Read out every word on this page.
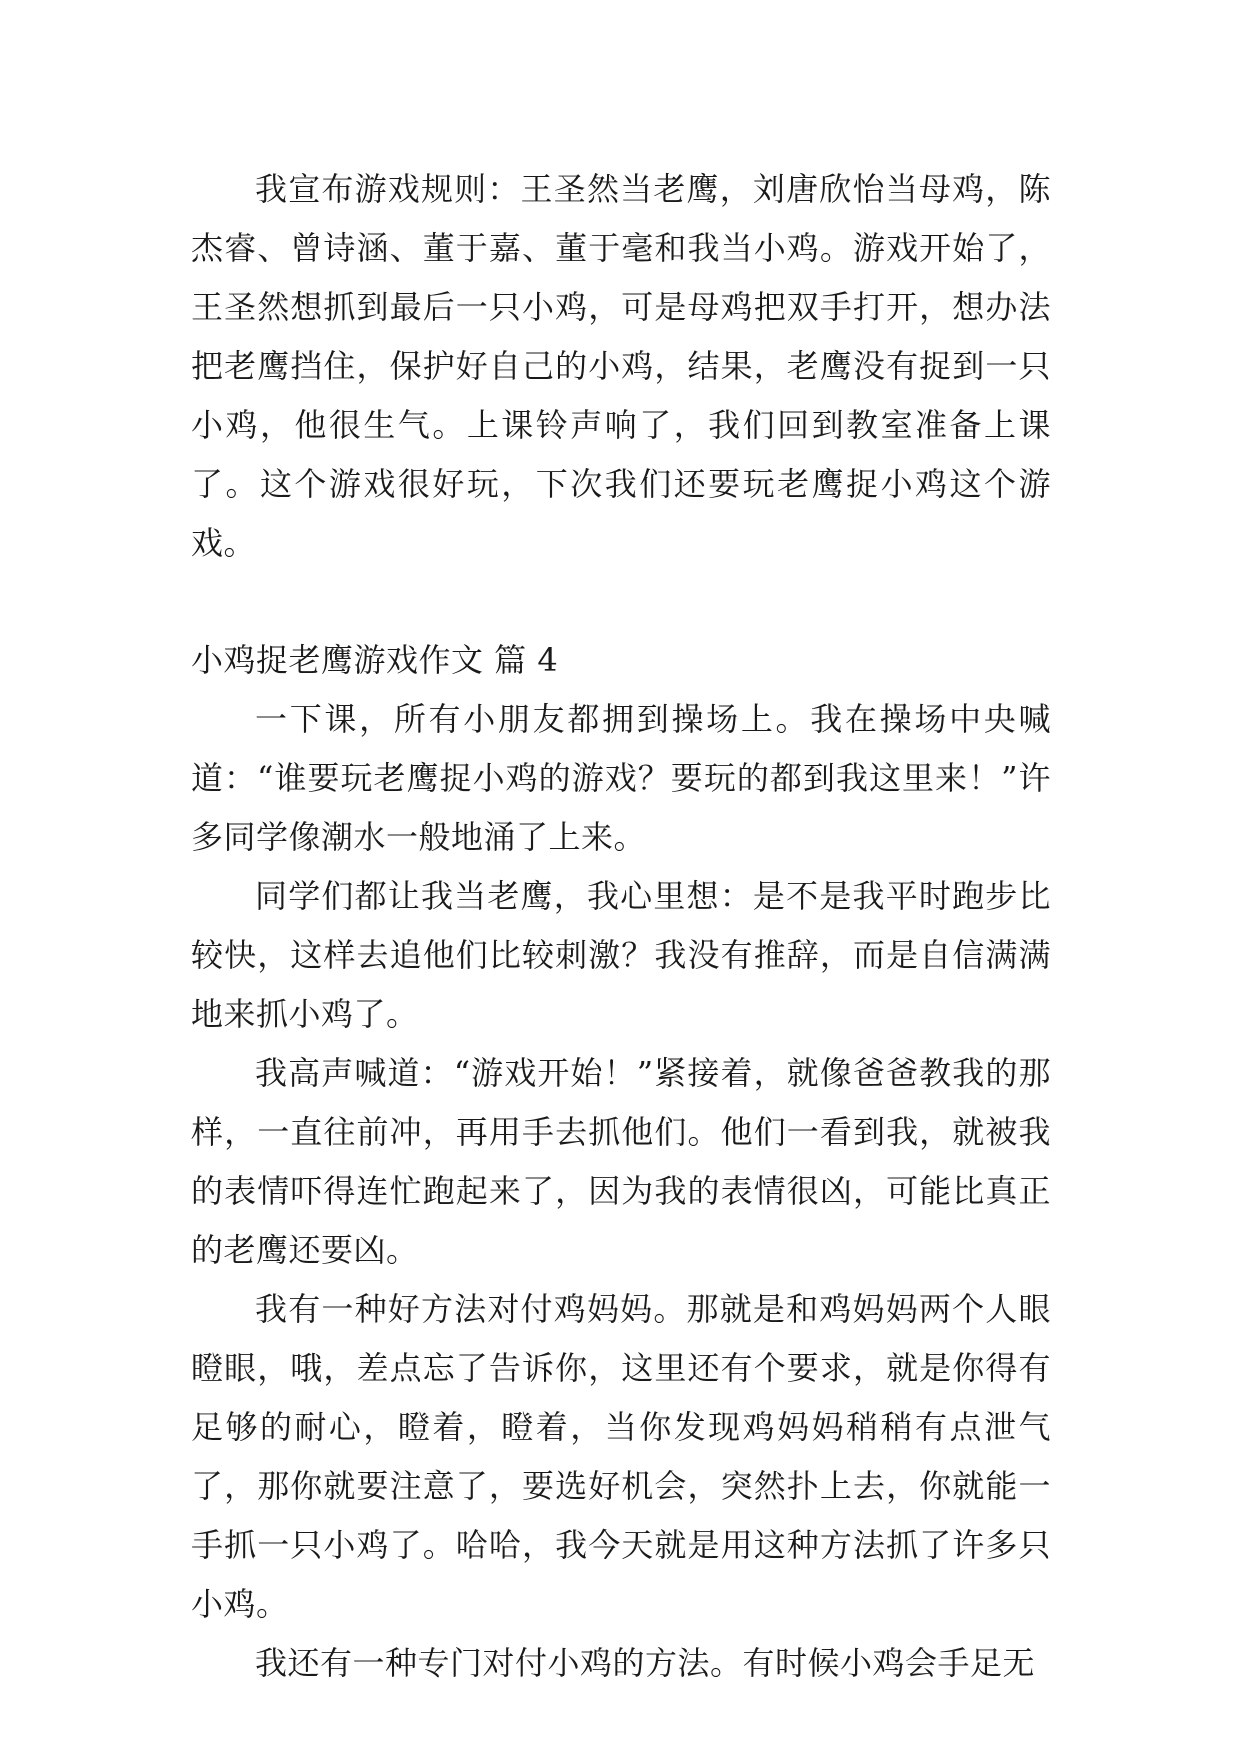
我宣布游戏规则：王圣然当老鹰，刘唐欣怡当母鸡，陈杰睿、曾诗涵、董于嘉、董于毫和我当小鸡。游戏开始了，王圣然想抓到最后一只小鸡，可是母鸡把双手打开，想办法把老鹰挡住，保护好自己的小鸡，结果，老鹰没有捉到一只小鸡，他很生气。上课铃声响了，我们回到教室准备上课了。这个游戏很好玩，下次我们还要玩老鹰捉小鸡这个游戏。

小鸡捉老鹰游戏作文 篇 4

一下课，所有小朋友都拥到操场上。我在操场中央喊道：“谁要玩老鹰捉小鸡的游戏？要玩的都到我这里来！”许多同学像潮水一般地涌了上来。

同学们都让我当老鹰，我心里想：是不是我平时跑步比较快，这样去追他们比较刺激？我没有推辞，而是自信满满地来抓小鸡了。

我高声喊道：“游戏开始！”紧接着，就像爸爸教我的那样，一直往前冲，再用手去抓他们。他们一看到我，就被我的表情吓得连忙跑起来了，因为我的表情很凶，可能比真正的老鹰还要凶。

我有一种好方法对付鸡妈妈。那就是和鸡妈妈两个人眼瞪眼，哦，差点忘了告诉你，这里还有个要求，就是你得有足够的耐心，瞪着，瞪着，当你发现鸡妈妈稍稍有点泄气了，那你就要注意了，要选好机会，突然扑上去，你就能一手抓一只小鸡了。哈哈，我今天就是用这种方法抓了许多只小鸡。

我还有一种专门对付小鸡的方法。有时候小鸡会手足无
